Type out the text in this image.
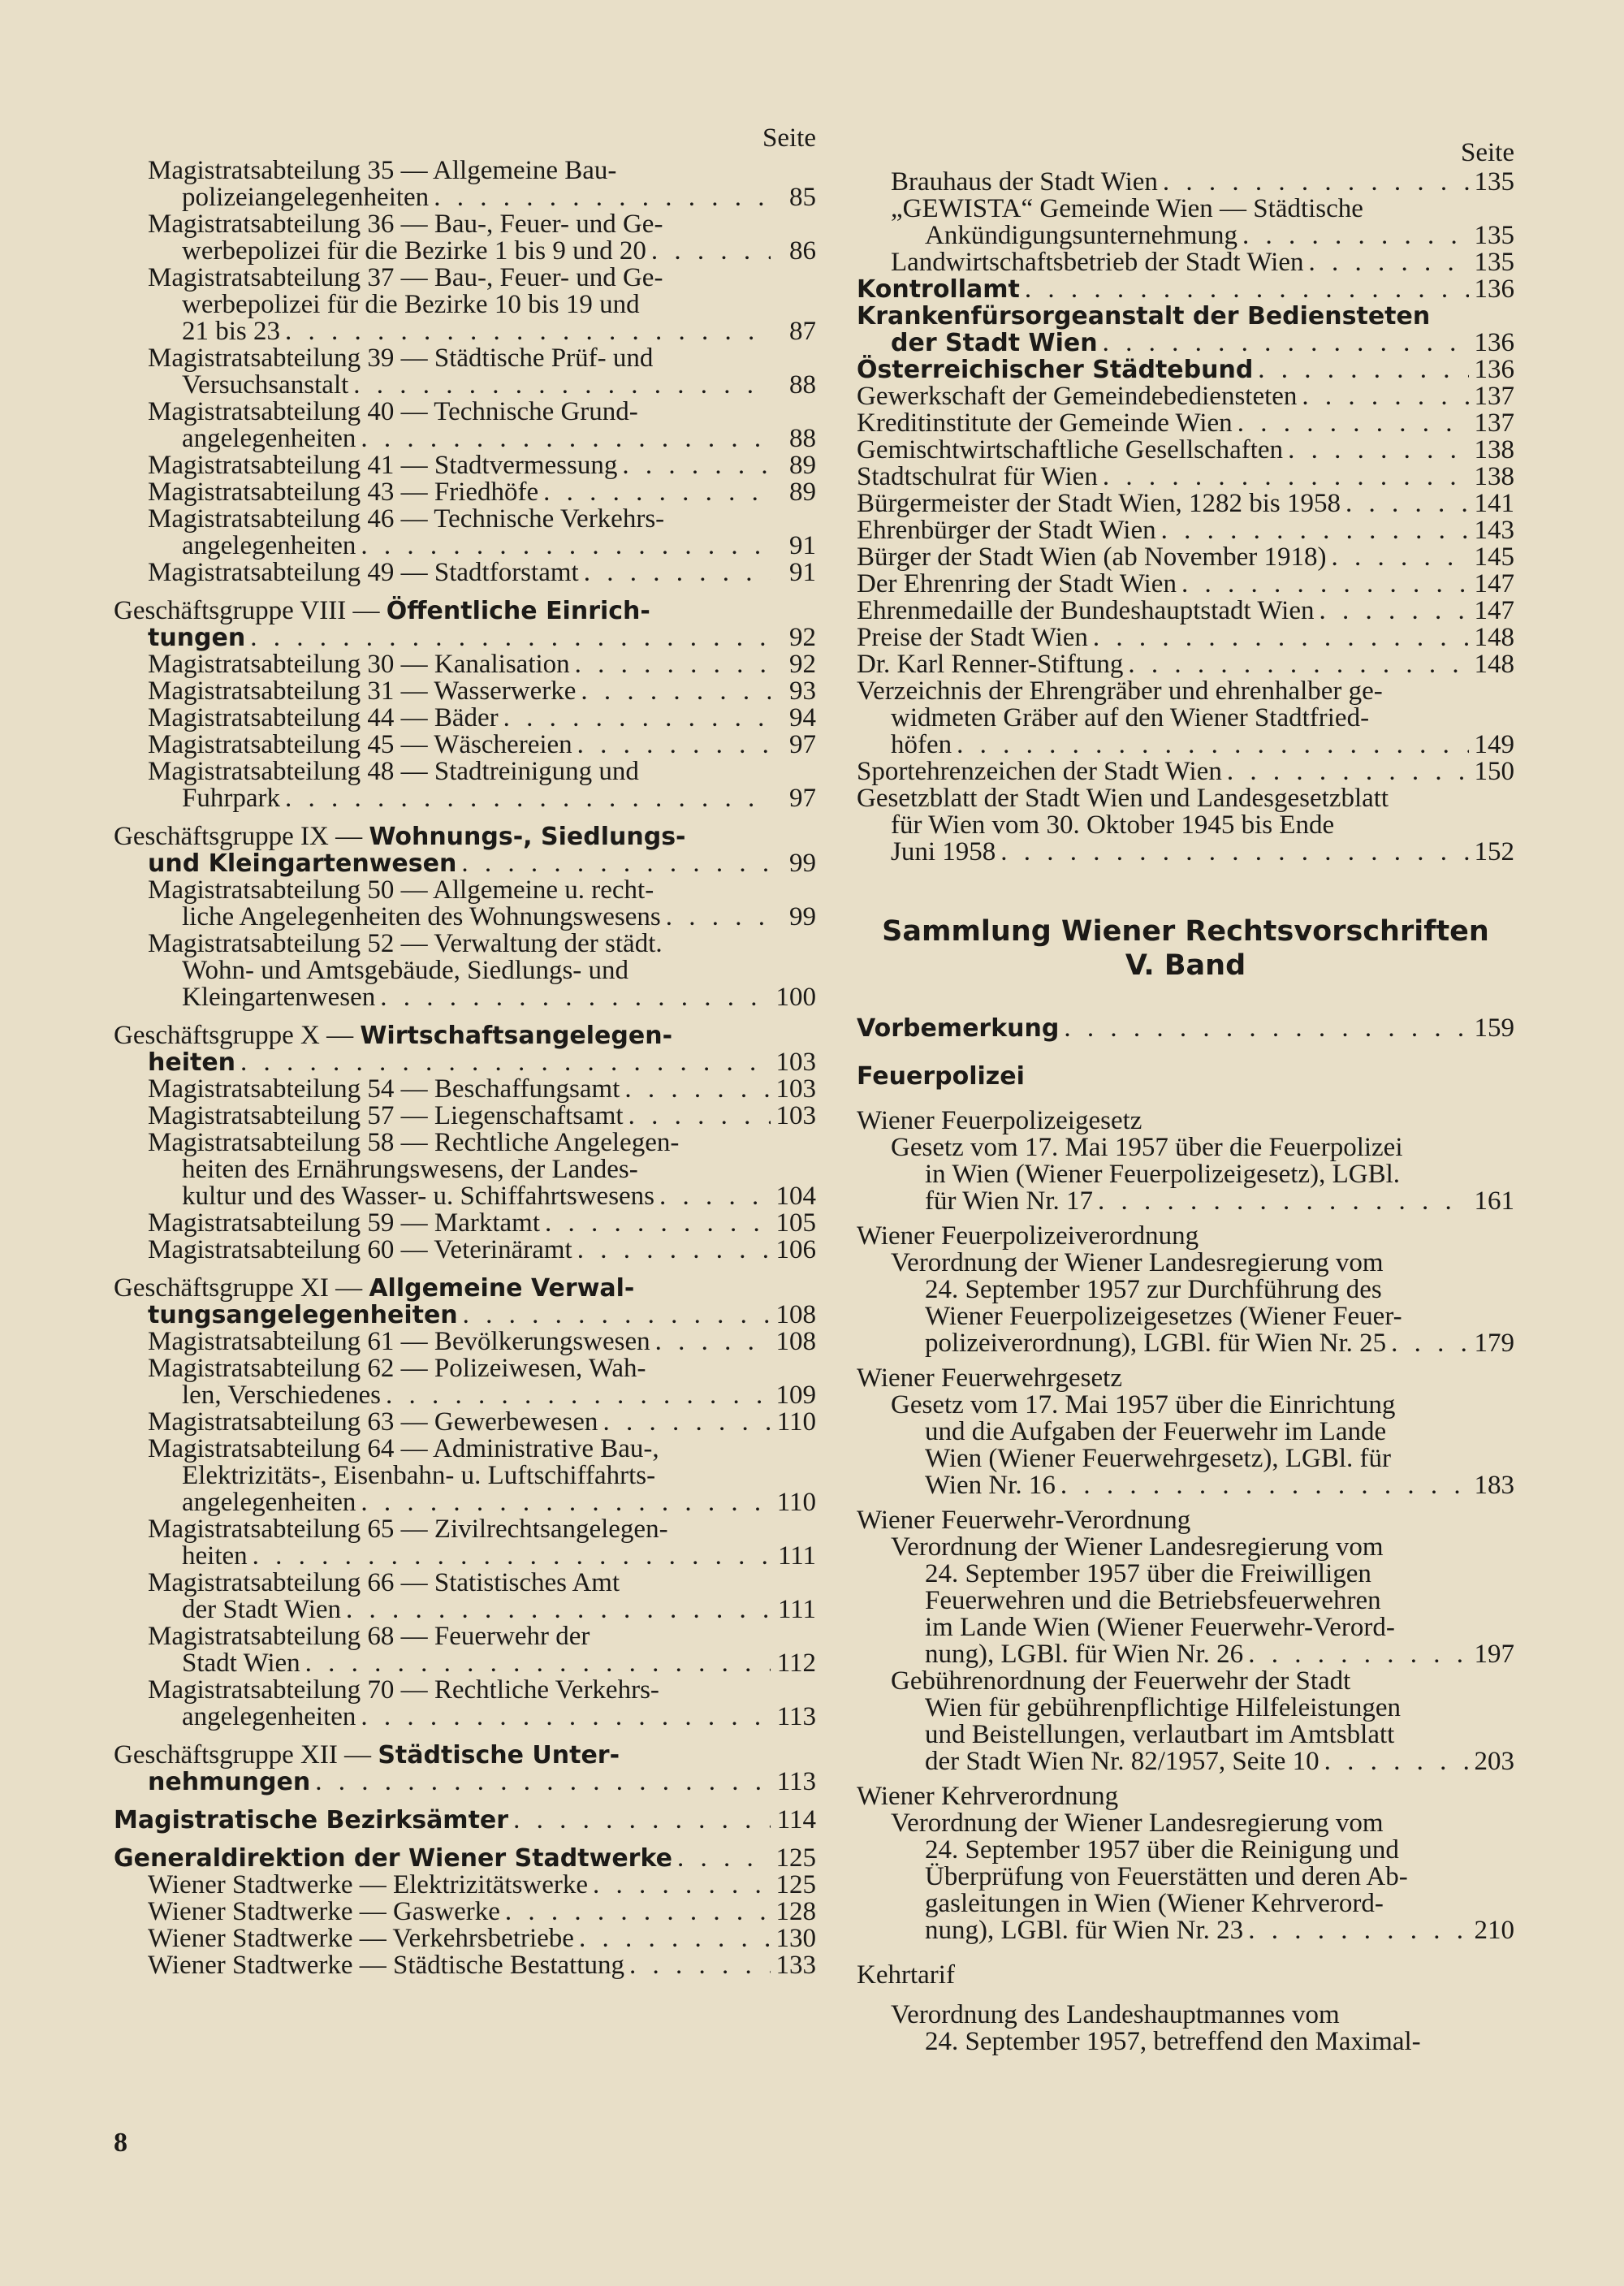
Seite
Magistratsabteilung 35 — Allgemeine Bau-
polizeiangelegenheiten . . .	85
Magistratsabteilung 36 — Bau-, Feuer- und Ge-
werbepolizei für die Bezirke 1 bis 9 und 20 . . .	86
Magistratsabteilung 37 — Bau-, Feuer- und Ge-
werbepolizei für die Bezirke 10 bis 19 und
21 bis 23 . . .	87
Magistratsabteilung 39 — Städtische Prüf- und
Versuchsanstalt . . .	88
Magistratsabteilung 40 — Technische Grund-
angelegenheiten . . .	88
Magistratsabteilung 41 — Stadtvermessung . . .	89
Magistratsabteilung 43 — Friedhöfe . . .	89
Magistratsabteilung 46 — Technische Verkehrs-
angelegenheiten . . .	91
Magistratsabteilung 49 — Stadtforstamt . . .	91
Geschäftsgruppe VIII — Öffentliche Einrich-
tungen . . .	92
Magistratsabteilung 30 — Kanalisation . . .	92
Magistratsabteilung 31 — Wasserwerke . . .	93
Magistratsabteilung 44 — Bäder . . .	94
Magistratsabteilung 45 — Wäschereien . . .	97
Magistratsabteilung 48 — Stadtreinigung und
Fuhrpark . . .	97
Geschäftsgruppe IX — Wohnungs-, Siedlungs-
und Kleingartenwesen . . .	99
Magistratsabteilung 50 — Allgemeine u. recht-
liche Angelegenheiten des Wohnungswesens . . .	99
Magistratsabteilung 52 — Verwaltung der städt.
Wohn- und Amtsgebäude, Siedlungs- und
Kleingartenwesen . . .	100
Geschäftsgruppe X — Wirtschaftsangelegen-
heiten . . .	103
Magistratsabteilung 54 — Beschaffungsamt . . .	103
Magistratsabteilung 57 — Liegenschaftsamt . . .	103
Magistratsabteilung 58 — Rechtliche Angelegen-
heiten des Ernährungswesens, der Landes-
kultur und des Wasser- u. Schiffahrtswesens . . .	104
Magistratsabteilung 59 — Marktamt . . .	105
Magistratsabteilung 60 — Veterinäramt . . .	106
Geschäftsgruppe XI — Allgemeine Verwal-
tungsangelegenheiten . . .	108
Magistratsabteilung 61 — Bevölkerungswesen . . .	108
Magistratsabteilung 62 — Polizeiwesen, Wah-
len, Verschiedenes . . .	109
Magistratsabteilung 63 — Gewerbewesen . . .	110
Magistratsabteilung 64 — Administrative Bau-,
Elektrizitäts-, Eisenbahn- u. Luftschiffahrts-
angelegenheiten . . .	110
Magistratsabteilung 65 — Zivilrechtsangelegen-
heiten . . .	111
Magistratsabteilung 66 — Statistisches Amt
der Stadt Wien . . .	111
Magistratsabteilung 68 — Feuerwehr der
Stadt Wien . . .	112
Magistratsabteilung 70 — Rechtliche Verkehrs-
angelegenheiten . . .	113
Geschäftsgruppe XII — Städtische Unter-
nehmungen . . .	113
Magistratische Bezirksämter . . .	114
Generaldirektion der Wiener Stadtwerke . . .	125
Wiener Stadtwerke — Elektrizitätswerke . . .	125
Wiener Stadtwerke — Gaswerke . . .	128
Wiener Stadtwerke — Verkehrsbetriebe . . .	130
Wiener Stadtwerke — Städtische Bestattung . . .	133
Seite
Brauhaus der Stadt Wien . . .	135
„GEWISTA“ Gemeinde Wien — Städtische
Ankündigungsunternehmung . . .	135
Landwirtschaftsbetrieb der Stadt Wien . . .	135
Kontrollamt . . .	136
Krankenfürsorgeanstalt der Bediensteten
der Stadt Wien . . .	136
Österreichischer Städtebund . . .	136
Gewerkschaft der Gemeindebediensteten . . .	137
Kreditinstitute der Gemeinde Wien . . .	137
Gemischtwirtschaftliche Gesellschaften . . .	138
Stadtschulrat für Wien . . .	138
Bürgermeister der Stadt Wien, 1282 bis 1958 . . .	141
Ehrenbürger der Stadt Wien . . .	143
Bürger der Stadt Wien (ab November 1918) . . .	145
Der Ehrenring der Stadt Wien . . .	147
Ehrenmedaille der Bundeshauptstadt Wien . . .	147
Preise der Stadt Wien . . .	148
Dr. Karl Renner-Stiftung . . .	148
Verzeichnis der Ehrengräber und ehrenhalber ge-
widmeten Gräber auf den Wiener Stadtfried-
höfen . . .	149
Sportehrenzeichen der Stadt Wien . . .	150
Gesetzblatt der Stadt Wien und Landesgesetzblatt
für Wien vom 30. Oktober 1945 bis Ende
Juni 1958 . . .	152
Sammlung Wiener Rechtsvorschriften
V. Band
Vorbemerkung . . .	159
Feuerpolizei
Wiener Feuerpolizeigesetz
Gesetz vom 17. Mai 1957 über die Feuerpolizei
in Wien (Wiener Feuerpolizeigesetz), LGBl.
für Wien Nr. 17 . . .	161
Wiener Feuerpolizeiverordnung
Verordnung der Wiener Landesregierung vom
24. September 1957 zur Durchführung des
Wiener Feuerpolizeigesetzes (Wiener Feuer-
polizeiverordnung), LGBl. für Wien Nr. 25 . . .	179
Wiener Feuerwehrgesetz
Gesetz vom 17. Mai 1957 über die Einrichtung
und die Aufgaben der Feuerwehr im Lande
Wien (Wiener Feuerwehrgesetz), LGBl. für
Wien Nr. 16 . . .	183
Wiener Feuerwehr-Verordnung
Verordnung der Wiener Landesregierung vom
24. September 1957 über die Freiwilligen
Feuerwehren und die Betriebsfeuerwehren
im Lande Wien (Wiener Feuerwehr-Verord-
nung), LGBl. für Wien Nr. 26 . . .	197
Gebührenordnung der Feuerwehr der Stadt
Wien für gebührenpflichtige Hilfeleistungen
und Beistellungen, verlautbart im Amtsblatt
der Stadt Wien Nr. 82/1957, Seite 10 . . .	203
Wiener Kehrverordnung
Verordnung der Wiener Landesregierung vom
24. September 1957 über die Reinigung und
Überprüfung von Feuerstätten und deren Ab-
gasleitungen in Wien (Wiener Kehrverord-
nung), LGBl. für Wien Nr. 23 . . .	210
Kehrtarif
Verordnung des Landeshauptmannes vom
24. September 1957, betreffend den Maximal-
8
